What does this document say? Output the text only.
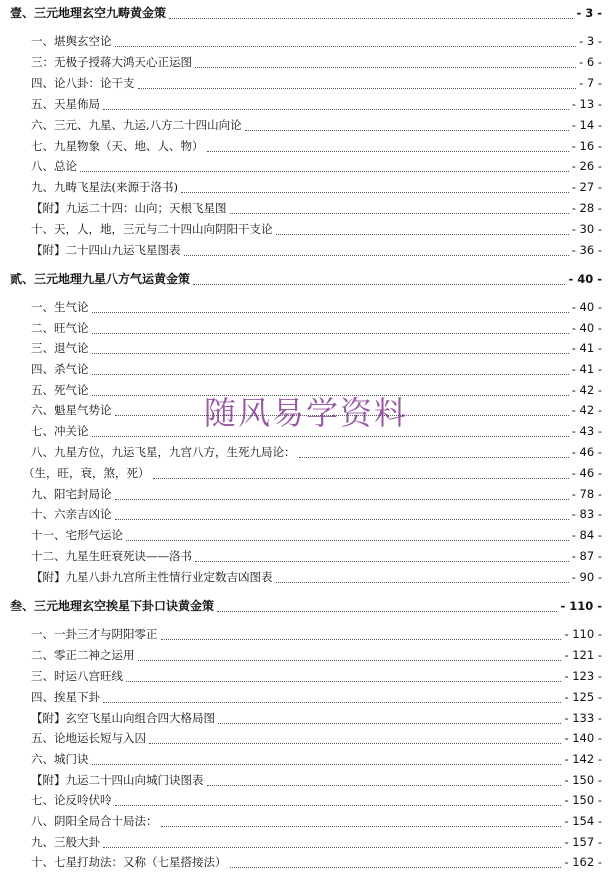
壹、三元地理玄空九畴黄金策	- 3 -
一、堪舆玄空论	- 3 -
三：无极子授蒋大鸿天心正运图	- 6 -
四、论八卦：论干支	- 7 -
五、天星佈局	- 13 -
六、三元、九星、九运,八方二十四山向论	- 14 -
七、九星物象（天、地、人、物）	- 16 -
八、总论	- 26 -
九、九畴飞星法(来源于洛书)	- 27 -
【附】九运二十四：山向；天根飞星图	- 28 -
十、天，人，地，三元与二十四山向阴阳干支论	- 30 -
【附】二十四山九运飞星图表	- 36 -
贰、三元地理九星八方气运黄金策	- 40 -
一、生气论	- 40 -
二、旺气论	- 40 -
三、退气论	- 41 -
四、杀气论	- 41 -
五、死气论	- 42 -
六、魁星气势论	- 42 -
七、冲关论	- 43 -
八、九星方位，九运飞星，九宫八方，生死九局论：	- 46 -
（生，旺，衰，煞，死）	- 46 -
九、阳宅封局论	- 78 -
十、六亲吉凶论	- 83 -
十一、宅形气运论	- 84 -
十二、九星生旺衰死诀——洛书	- 87 -
【附】九星八卦九宫所主性情行业定数吉凶图表	- 90 -
叁、三元地理玄空挨星下卦口诀黄金策	- 110 -
一、一卦三才与阴阳零正	- 110 -
二、零正二神之运用	- 121 -
三、时运八宫旺线	- 123 -
四、挨星下卦	- 125 -
【附】玄空飞星山向组合四大格局图	- 133 -
五、论地运长短与入囚	- 140 -
六、城门诀	- 142 -
【附】九运二十四山向城门诀图表	- 150 -
七、论反呤伏呤	- 150 -
八、阴阳全局合十局法：	- 154 -
九、三般大卦	- 157 -
十、七星打劫法：又称（七星搭接法）	- 162 -
随风易学资料
